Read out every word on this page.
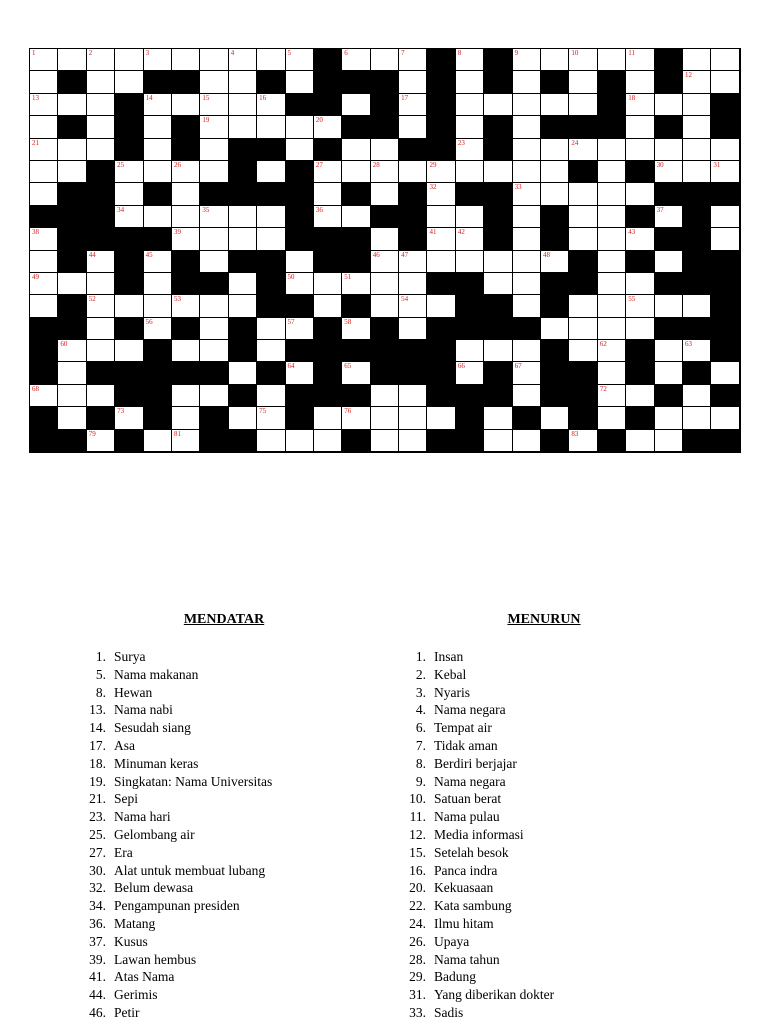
1	2	3	4	5	6	7	8	9	10	11
12
13	14	15	16	17	18
19	20
21	23	24
25	26	27	28	29	30	31
32	33
34	35	36	37
38	39	41	42	43
44	45	46	47	48
49	50	51
52	53	54	55
56	57	58
60	62	63
64	65	66	67
68	72
73	75	76
79	81	83
MENDATAR
1. Surya
5. Nama makanan
8. Hewan
13. Nama nabi
14. Sesudah siang
17. Asa
18. Minuman keras
19. Singkatan: Nama Universitas
21. Sepi
23. Nama hari
25. Gelombang air
27. Era
30. Alat untuk membuat lubang
32. Belum dewasa
34. Pengampunan presiden
36. Matang
37. Kusus
39. Lawan hembus
41. Atas Nama
44. Gerimis
46. Petir
MENURUN
1. Insan
2. Kebal
3. Nyaris
4. Nama negara
6. Tempat air
7. Tidak aman
8. Berdiri berjajar
9. Nama negara
10. Satuan berat
11. Nama pulau
12. Media informasi
15. Setelah besok
16. Panca indra
20. Kekuasaan
22. Kata sambung
24. Ilmu hitam
26. Upaya
28. Nama tahun
29. Badung
31. Yang diberikan dokter
33. Sadis
